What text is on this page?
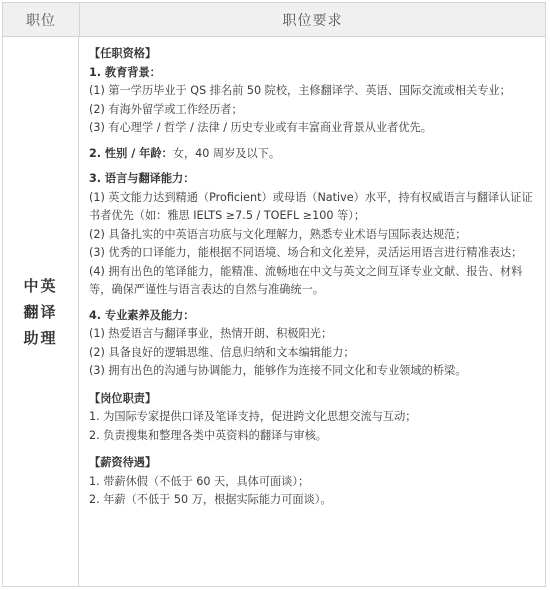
职位	职位要求
中英翻译助理
【任职资格】
1. 教育背景：
(1) 第一学历毕业于 QS 排名前 50 院校，主修翻译学、英语、国际交流或相关专业；
(2) 有海外留学或工作经历者；
(3) 有心理学 / 哲学 / 法律 / 历史专业或有丰富商业背景从业者优先。
2. 性别 / 年龄：女，40 周岁及以下。
3. 语言与翻译能力：
(1) 英文能力达到精通（Proficient）或母语（Native）水平，持有权威语言与翻译认证证书者优先（如：雅思 IELTS ≥7.5 / TOEFL ≥100 等）；
(2) 具备扎实的中英语言功底与文化理解力，熟悉专业术语与国际表达规范；
(3) 优秀的口译能力，能根据不同语境、场合和文化差异，灵活运用语言进行精准表达；
(4) 拥有出色的笔译能力，能精准、流畅地在中文与英文之间互译专业文献、报告、材料等，确保严谨性与语言表达的自然与准确统一。
4. 专业素养及能力：
(1) 热爱语言与翻译事业，热情开朗、积极阳光；
(2) 具备良好的逻辑思维、信息归纳和文本编辑能力；
(3) 拥有出色的沟通与协调能力，能够作为连接不同文化和专业领域的桥梁。
【岗位职责】
1. 为国际专家提供口译及笔译支持，促进跨文化思想交流与互动；
2. 负责搜集和整理各类中英资料的翻译与审核。
【薪资待遇】
1. 带薪休假（不低于 60 天，具体可面谈）；
2. 年薪（不低于 50 万，根据实际能力可面谈）。
